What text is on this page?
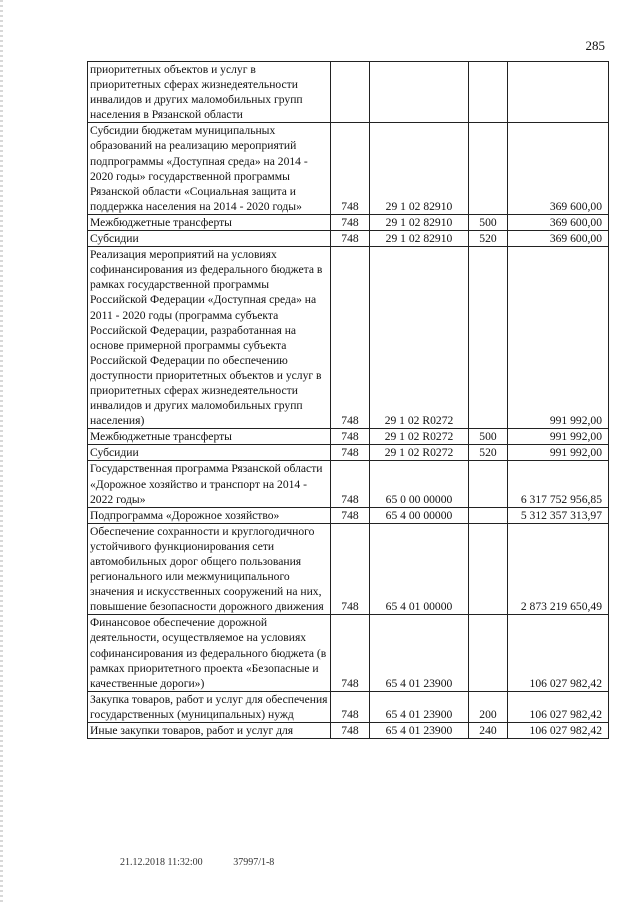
285
приоритетных объектов и услуг в приоритетных сферах жизнедеятельности инвалидов и других маломобильных групп населения в Рязанской области				
Субсидии бюджетам муниципальных образований на реализацию мероприятий подпрограммы «Доступная среда» на 2014 - 2020 годы» государственной программы Рязанской области «Социальная защита и поддержка населения на 2014 - 2020 годы»	748	29 1 02 82910		369 600,00
Межбюджетные трансферты	748	29 1 02 82910	500	369 600,00
Субсидии	748	29 1 02 82910	520	369 600,00
Реализация мероприятий на условиях софинансирования из федерального бюджета в рамках государственной программы Российской Федерации «Доступная среда» на 2011 - 2020 годы (программа субъекта Российской Федерации, разработанная на основе примерной программы субъекта Российской Федерации по обеспечению доступности приоритетных объектов и услуг в приоритетных сферах жизнедеятельности инвалидов и других маломобильных групп населения)	748	29 1 02 R0272		991 992,00
Межбюджетные трансферты	748	29 1 02 R0272	500	991 992,00
Субсидии	748	29 1 02 R0272	520	991 992,00
Государственная программа Рязанской области «Дорожное хозяйство и транспорт на 2014 - 2022 годы»	748	65 0 00 00000		6 317 752 956,85
Подпрограмма «Дорожное хозяйство»	748	65 4 00 00000		5 312 357 313,97
Обеспечение сохранности и круглогодичного устойчивого функционирования сети автомобильных дорог общего пользования регионального или межмуниципального значения и искусственных сооружений на них, повышение безопасности дорожного движения	748	65 4 01 00000		2 873 219 650,49
Финансовое обеспечение дорожной деятельности, осуществляемое на условиях софинансирования из федерального бюджета (в рамках приоритетного проекта «Безопасные и качественные дороги»)	748	65 4 01 23900		106 027 982,42
Закупка товаров, работ и услуг для обеспечения государственных (муниципальных) нужд	748	65 4 01 23900	200	106 027 982,42
Иные закупки товаров, работ и услуг для	748	65 4 01 23900	240	106 027 982,42
21.12.2018 11:32:00	37997/1-8
